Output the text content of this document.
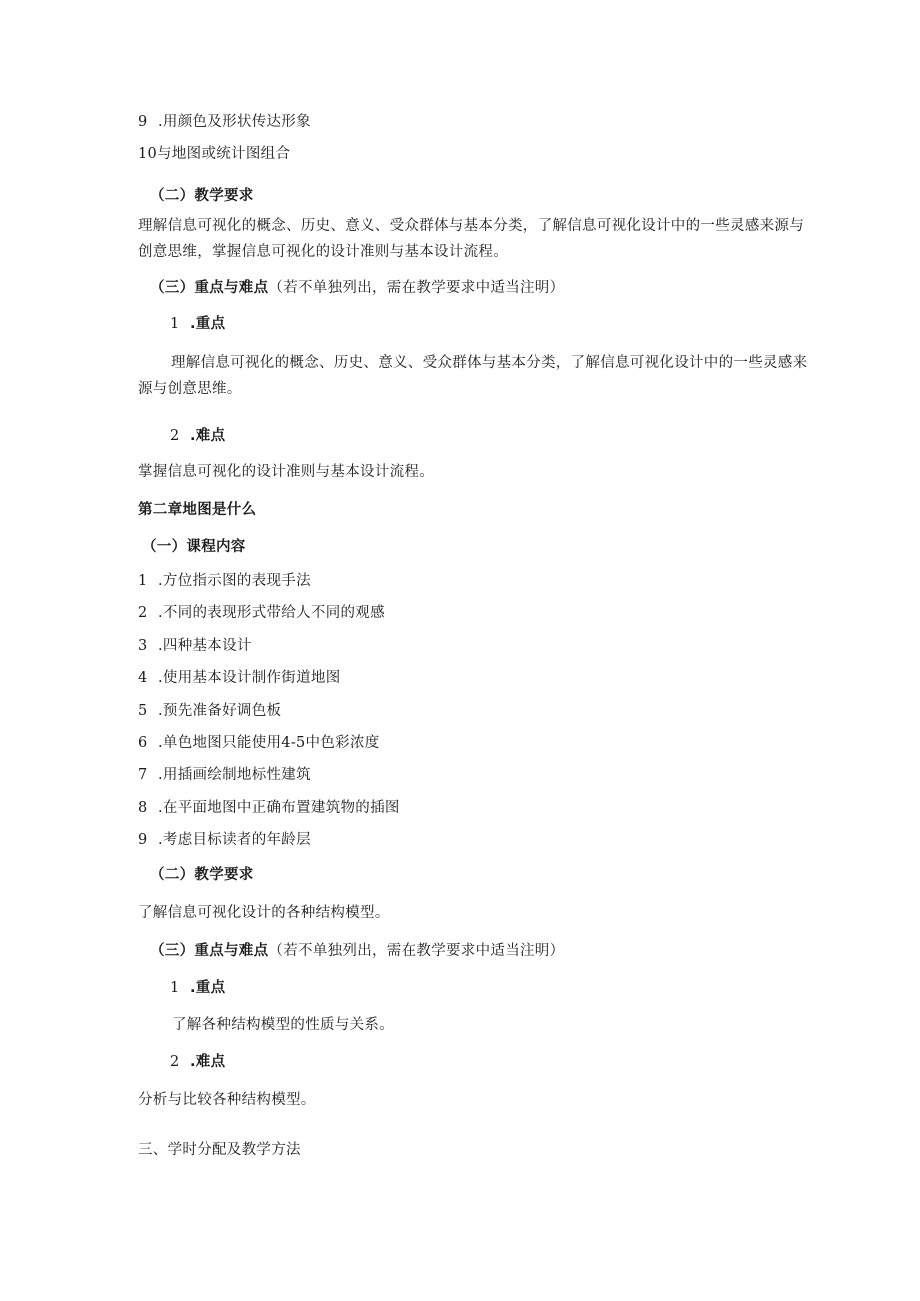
9 .用颜色及形状传达形象
10与地图或统计图组合
（二）教学要求
理解信息可视化的概念、历史、意义、受众群体与基本分类，了解信息可视化设计中的一些灵感来源与创意思维，掌握信息可视化的设计准则与基本设计流程。
（三）重点与难点（若不单独列出，需在教学要求中适当注明）
1 .重点
理解信息可视化的概念、历史、意义、受众群体与基本分类，了解信息可视化设计中的一些灵感来源与创意思维。
2 .难点
掌握信息可视化的设计准则与基本设计流程。
第二章地图是什么
（一）课程内容
1 .方位指示图的表现手法
2 .不同的表现形式带给人不同的观感
3 .四种基本设计
4 .使用基本设计制作街道地图
5 .预先准备好调色板
6 .单色地图只能使用4-5中色彩浓度
7 .用插画绘制地标性建筑
8 .在平面地图中正确布置建筑物的插图
9 .考虑目标读者的年龄层
（二）教学要求
了解信息可视化设计的各种结构模型。
（三）重点与难点（若不单独列出，需在教学要求中适当注明）
1 .重点
了解各种结构模型的性质与关系。
2 .难点
分析与比较各种结构模型。
三、学时分配及教学方法
